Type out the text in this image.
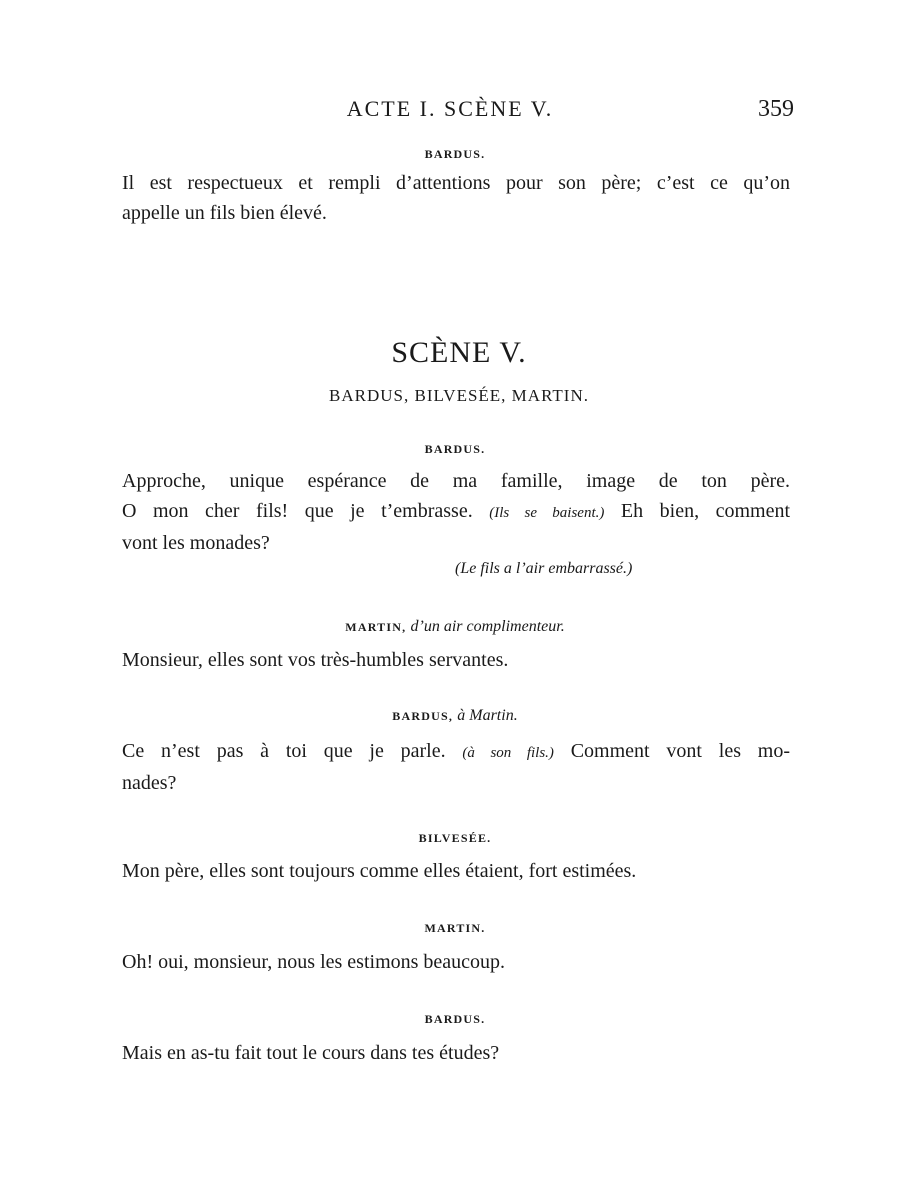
ACTE I. SCÈNE V.	359
BARDUS.
Il est respectueux et rempli d’attentions pour son père; c’est ce qu’on
appelle un fils bien élevé.
SCÈNE V.
BARDUS, BILVESÉE, MARTIN.
BARDUS.
Approche, unique espérance de ma famille, image de ton père.
O mon cher fils! que je t’embrasse. (Ils se baisent.) Eh bien, comment
vont les monades?
(Le fils a l’air embarrassé.)
MARTIN, d’un air complimenteur.
Monsieur, elles sont vos très-humbles servantes.
BARDUS, à Martin.
Ce n’est pas à toi que je parle. (à son fils.) Comment vont les mo-
nades?
BILVESÉE.
Mon père, elles sont toujours comme elles étaient, fort estimées.
MARTIN.
Oh! oui, monsieur, nous les estimons beaucoup.
BARDUS.
Mais en as-tu fait tout le cours dans tes études?
